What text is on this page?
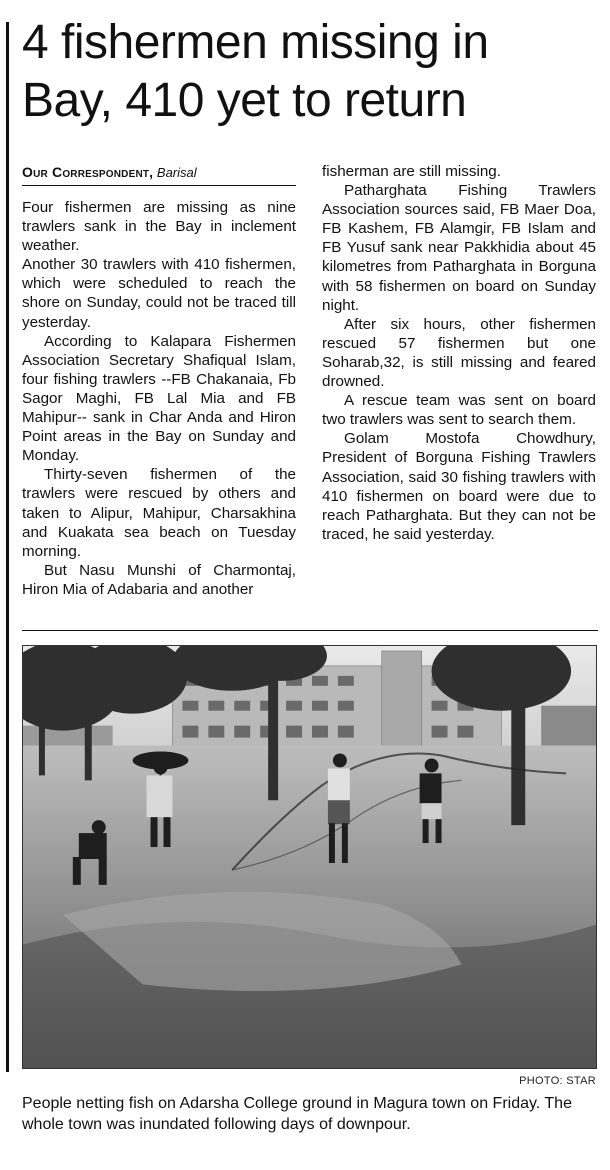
4 fishermen missing in
Bay, 410 yet to return
Our Correspondent, Barisal

Four fishermen are missing as nine trawlers sank in the Bay in inclement weather.

Another 30 trawlers with 410 fishermen, which were scheduled to reach the shore on Sunday, could not be traced till yesterday.

According to Kalapara Fishermen Association Secretary Shafiqual Islam, four fishing trawlers --FB Chakanaia, Fb Sagor Maghi, FB Lal Mia and FB Mahipur-- sank in Char Anda and Hiron Point areas in the Bay on Sunday and Monday.

Thirty-seven fishermen of the trawlers were rescued by others and taken to Alipur, Mahipur, Charsakhina and Kuakata sea beach on Tuesday morning.

But Nasu Munshi of Charmontaj, Hiron Mia of Adabaria and another

fisherman are still missing.

Patharghata Fishing Trawlers Association sources said, FB Maer Doa, FB Kashem, FB Alamgir, FB Islam and FB Yusuf sank near Pakkhidia about 45 kilometres from Patharghata in Borguna with 58 fishermen on board on Sunday night.

After six hours, other fishermen rescued 57 fishermen but one Soharab,32, is still missing and feared drowned.

A rescue team was sent on board two trawlers was sent to search them.

Golam Mostofa Chowdhury, President of Borguna Fishing Trawlers Association, said 30 fishing trawlers with 410 fishermen on board were due to reach Patharghata. But they can not be traced, he said yesterday.

PHOTO: STAR

People netting fish on Adarsha College ground in Magura town on Friday. The whole town was inundated following days of downpour.
